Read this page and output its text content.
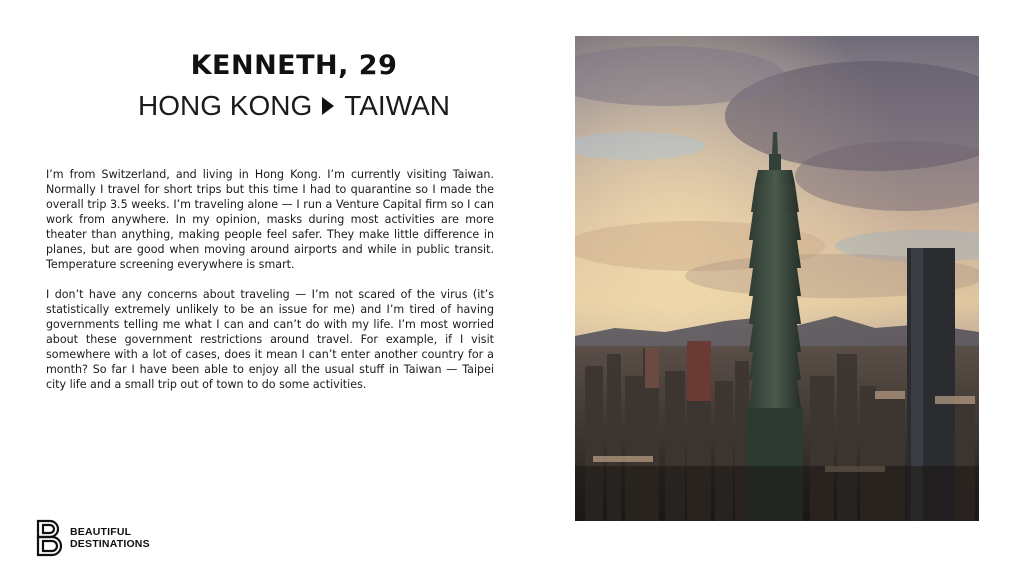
KENNETH, 29
HONG KONG TAIWAN

I’m from Switzerland, and living in Hong Kong. I’m currently visiting Taiwan. Normally I travel for short trips but this time I had to quarantine so I made the overall trip 3.5 weeks. I’m traveling alone — I run a Venture Capital firm so I can work from anywhere. In my opinion, masks during most activities are more theater than anything, making people feel safer. They make little difference in planes, but are good when moving around airports and while in public transit. Temperature screening everywhere is smart.

I don’t have any concerns about traveling — I’m not scared of the virus (it’s statistically extremely unlikely to be an issue for me) and I’m tired of having governments telling me what I can and can’t do with my life. I’m most worried about these government restrictions around travel. For example, if I visit somewhere with a lot of cases, does it mean I can’t enter another country for a month? So far I have been able to enjoy all the usual stuff in Taiwan — Taipei city life and a small trip out of town to do some activities.

BEAUTIFUL
DESTINATIONS
